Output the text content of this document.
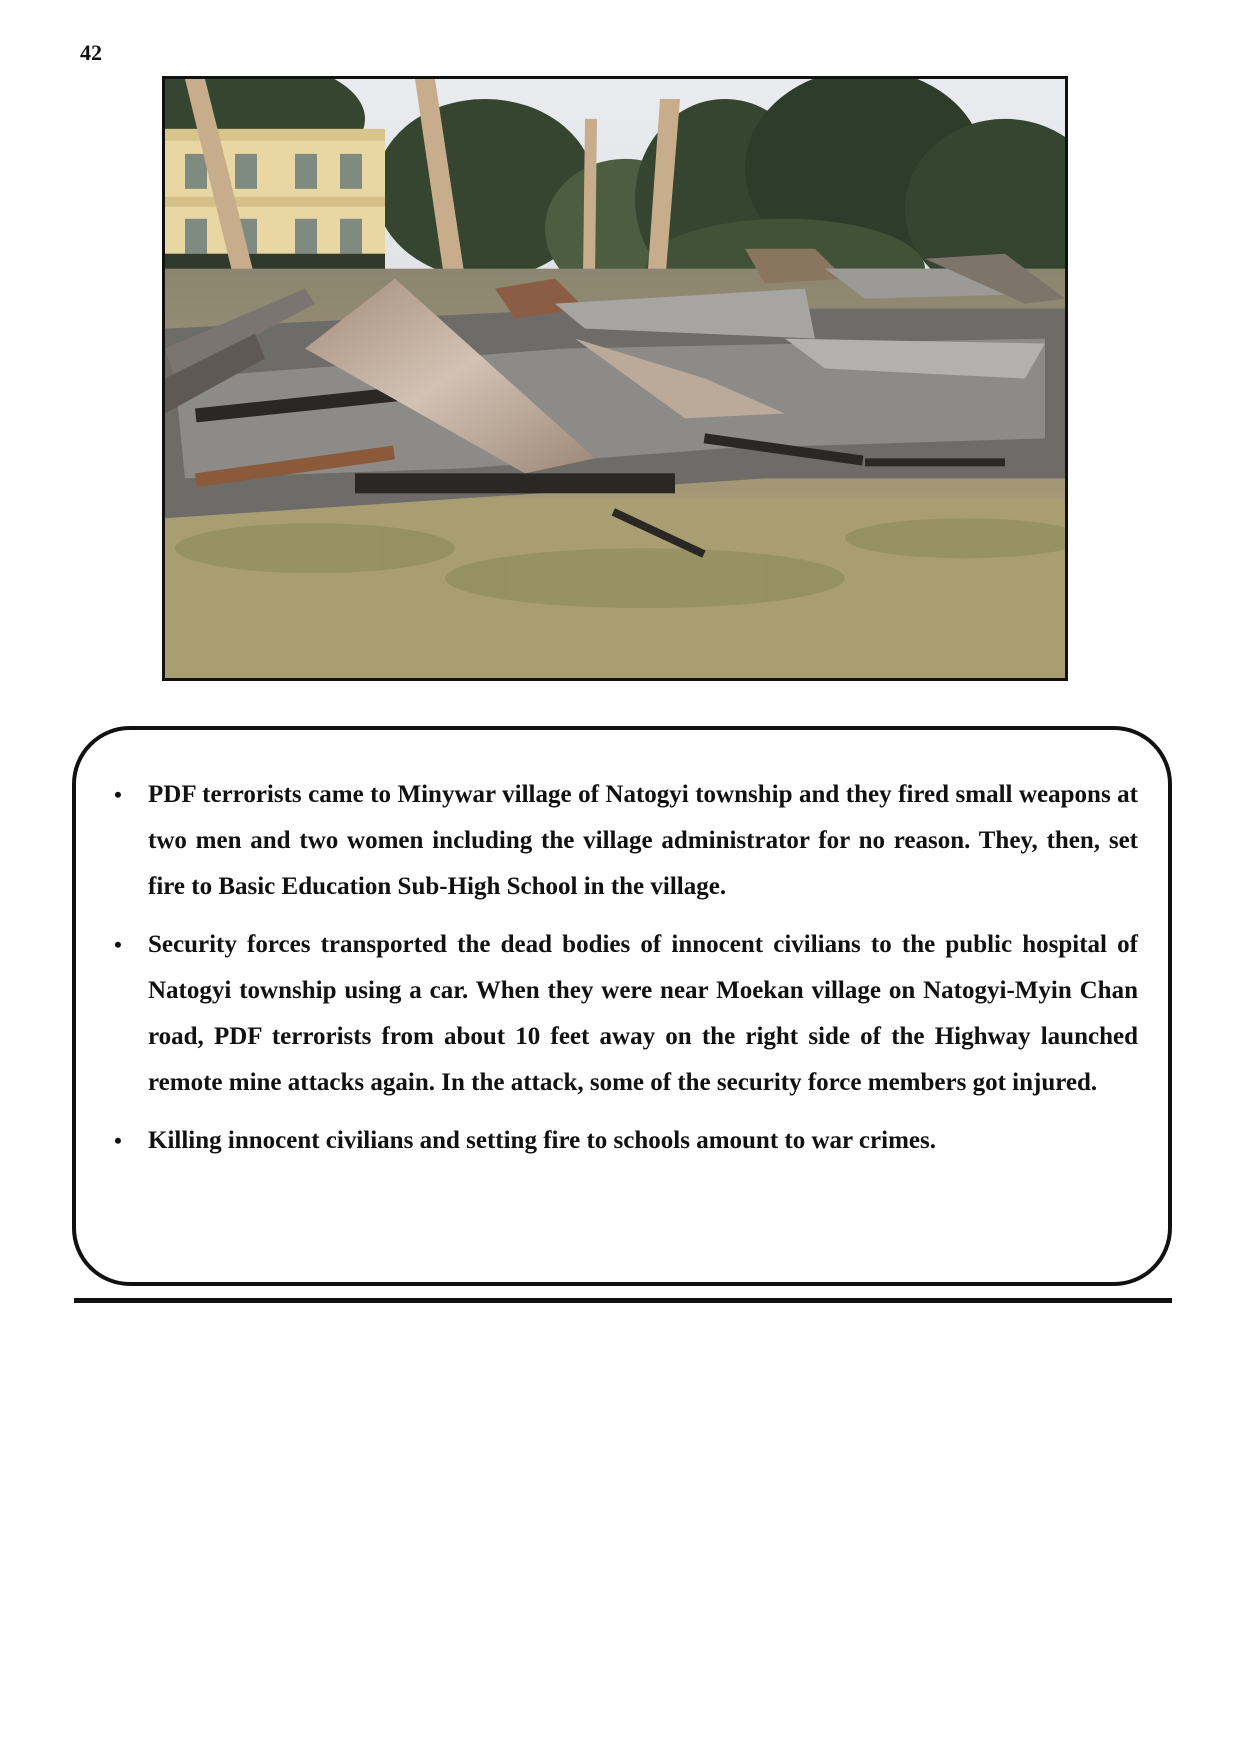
42
•	PDF terrorists came to Minywar village of Natogyi township and they fired small weapons at two men and two women including the village administrator for no reason. They, then, set fire to Basic Education Sub-High School in the village.
•	Security forces transported the dead bodies of innocent civilians to the public hospital of Natogyi township using a car. When they were near Moekan village on Natogyi-Myin Chan road, PDF terrorists from about 10 feet away on the right side of the Highway launched remote mine attacks again. In the attack, some of the security force members got injured.
•	Killing innocent civilians and setting fire to schools amount to war crimes.
